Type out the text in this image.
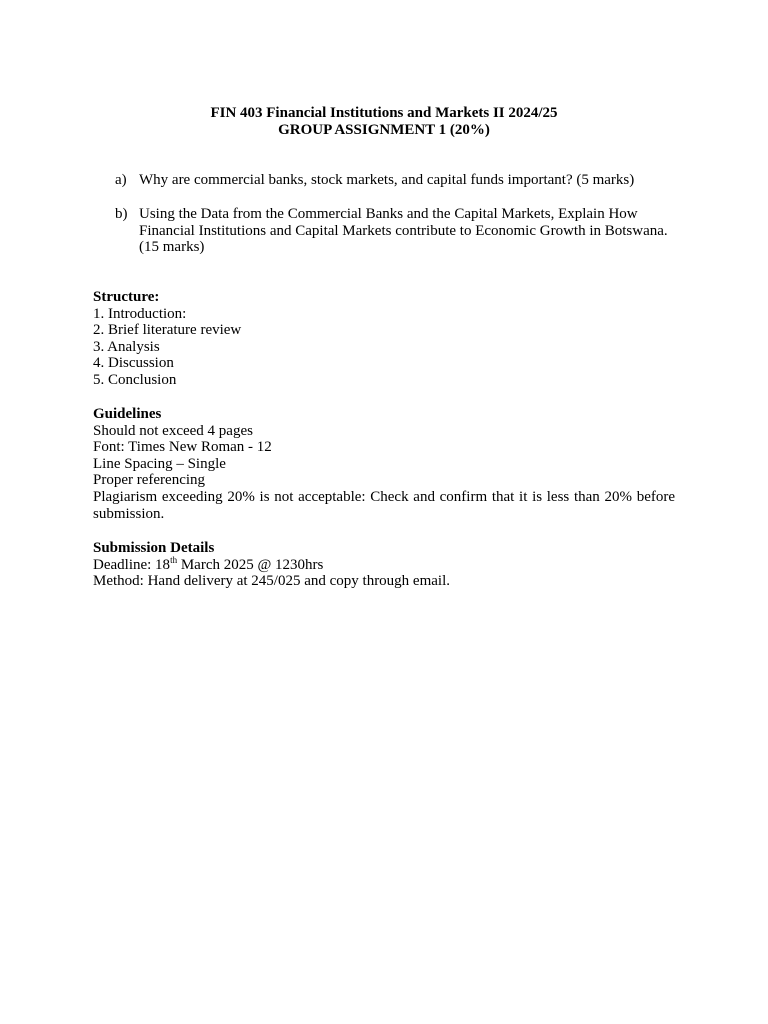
FIN 403 Financial Institutions and Markets II 2024/25
GROUP ASSIGNMENT 1 (20%)
a) Why are commercial banks, stock markets, and capital funds important? (5 marks)
b) Using the Data from the Commercial Banks and the Capital Markets, Explain How Financial Institutions and Capital Markets contribute to Economic Growth in Botswana. (15 marks)
Structure:
1. Introduction:
2. Brief literature review
3. Analysis
4. Discussion
5. Conclusion
Guidelines
Should not exceed 4 pages
Font: Times New Roman - 12
Line Spacing – Single
Proper referencing
Plagiarism exceeding 20% is not acceptable: Check and confirm that it is less than 20% before submission.
Submission Details
Deadline: 18th March 2025 @ 1230hrs
Method: Hand delivery at 245/025 and copy through email.
